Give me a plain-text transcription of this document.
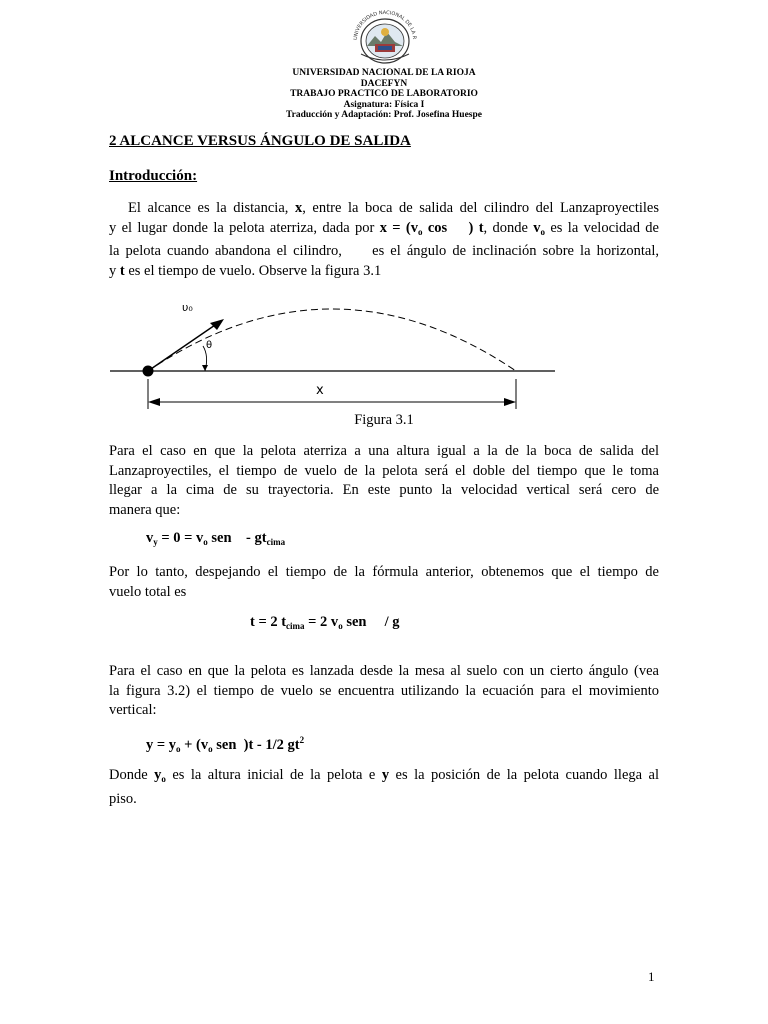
UNIVERSIDAD NACIONAL DE LA R
UNIVERSIDAD NACIONAL DE LA RIOJA
DACEFYN
TRABAJO PRACTICO DE LABORATORIO
Asignatura: Física I
Traducción y Adaptación: Prof. Josefina Huespe
2 ALCANCE VERSUS ÁNGULO DE SALIDA
Introducción:
El alcance es la distancia, x, entre la boca de salida del cilindro del Lanzaproyectiles
y el lugar donde la pelota aterriza, dada por $x = (v_o$ cos    ) t, donde $v_o$ es la velocidad de
la pelota cuando abandona el cilindro,     es el ángulo de inclinación sobre la horizontal,
y t es el tiempo de vuelo. Observe la figura 3.1
υ₀
θ
x
Figura 3.1
Para el caso en que la pelota aterriza a una altura igual a la de la boca de salida del
Lanzaproyectiles, el tiempo de vuelo de la pelota será el doble del tiempo que le toma
llegar a la cima de su trayectoria. En este punto la velocidad vertical será cero de
manera que:
$v_y = 0 = v_o$ sen    - $gt_{cima}$
Por lo tanto, despejando el tiempo de la fórmula anterior, obtenemos que el tiempo de
vuelo total es
t = 2 $t_{cima} = 2$ $v_o$ sen     / g
Para el caso en que la pelota es lanzada desde la mesa al suelo con un cierto ángulo (vea
la figura 3.2) el tiempo de vuelo se encuentra utilizando la ecuación para el movimiento
vertical:
$y = y_o + (v_o$ sen  )t - 1/2 $gt^2$
Donde $y_o$ es la altura inicial de la pelota e y es la posición de la pelota cuando llega al
piso.
1
